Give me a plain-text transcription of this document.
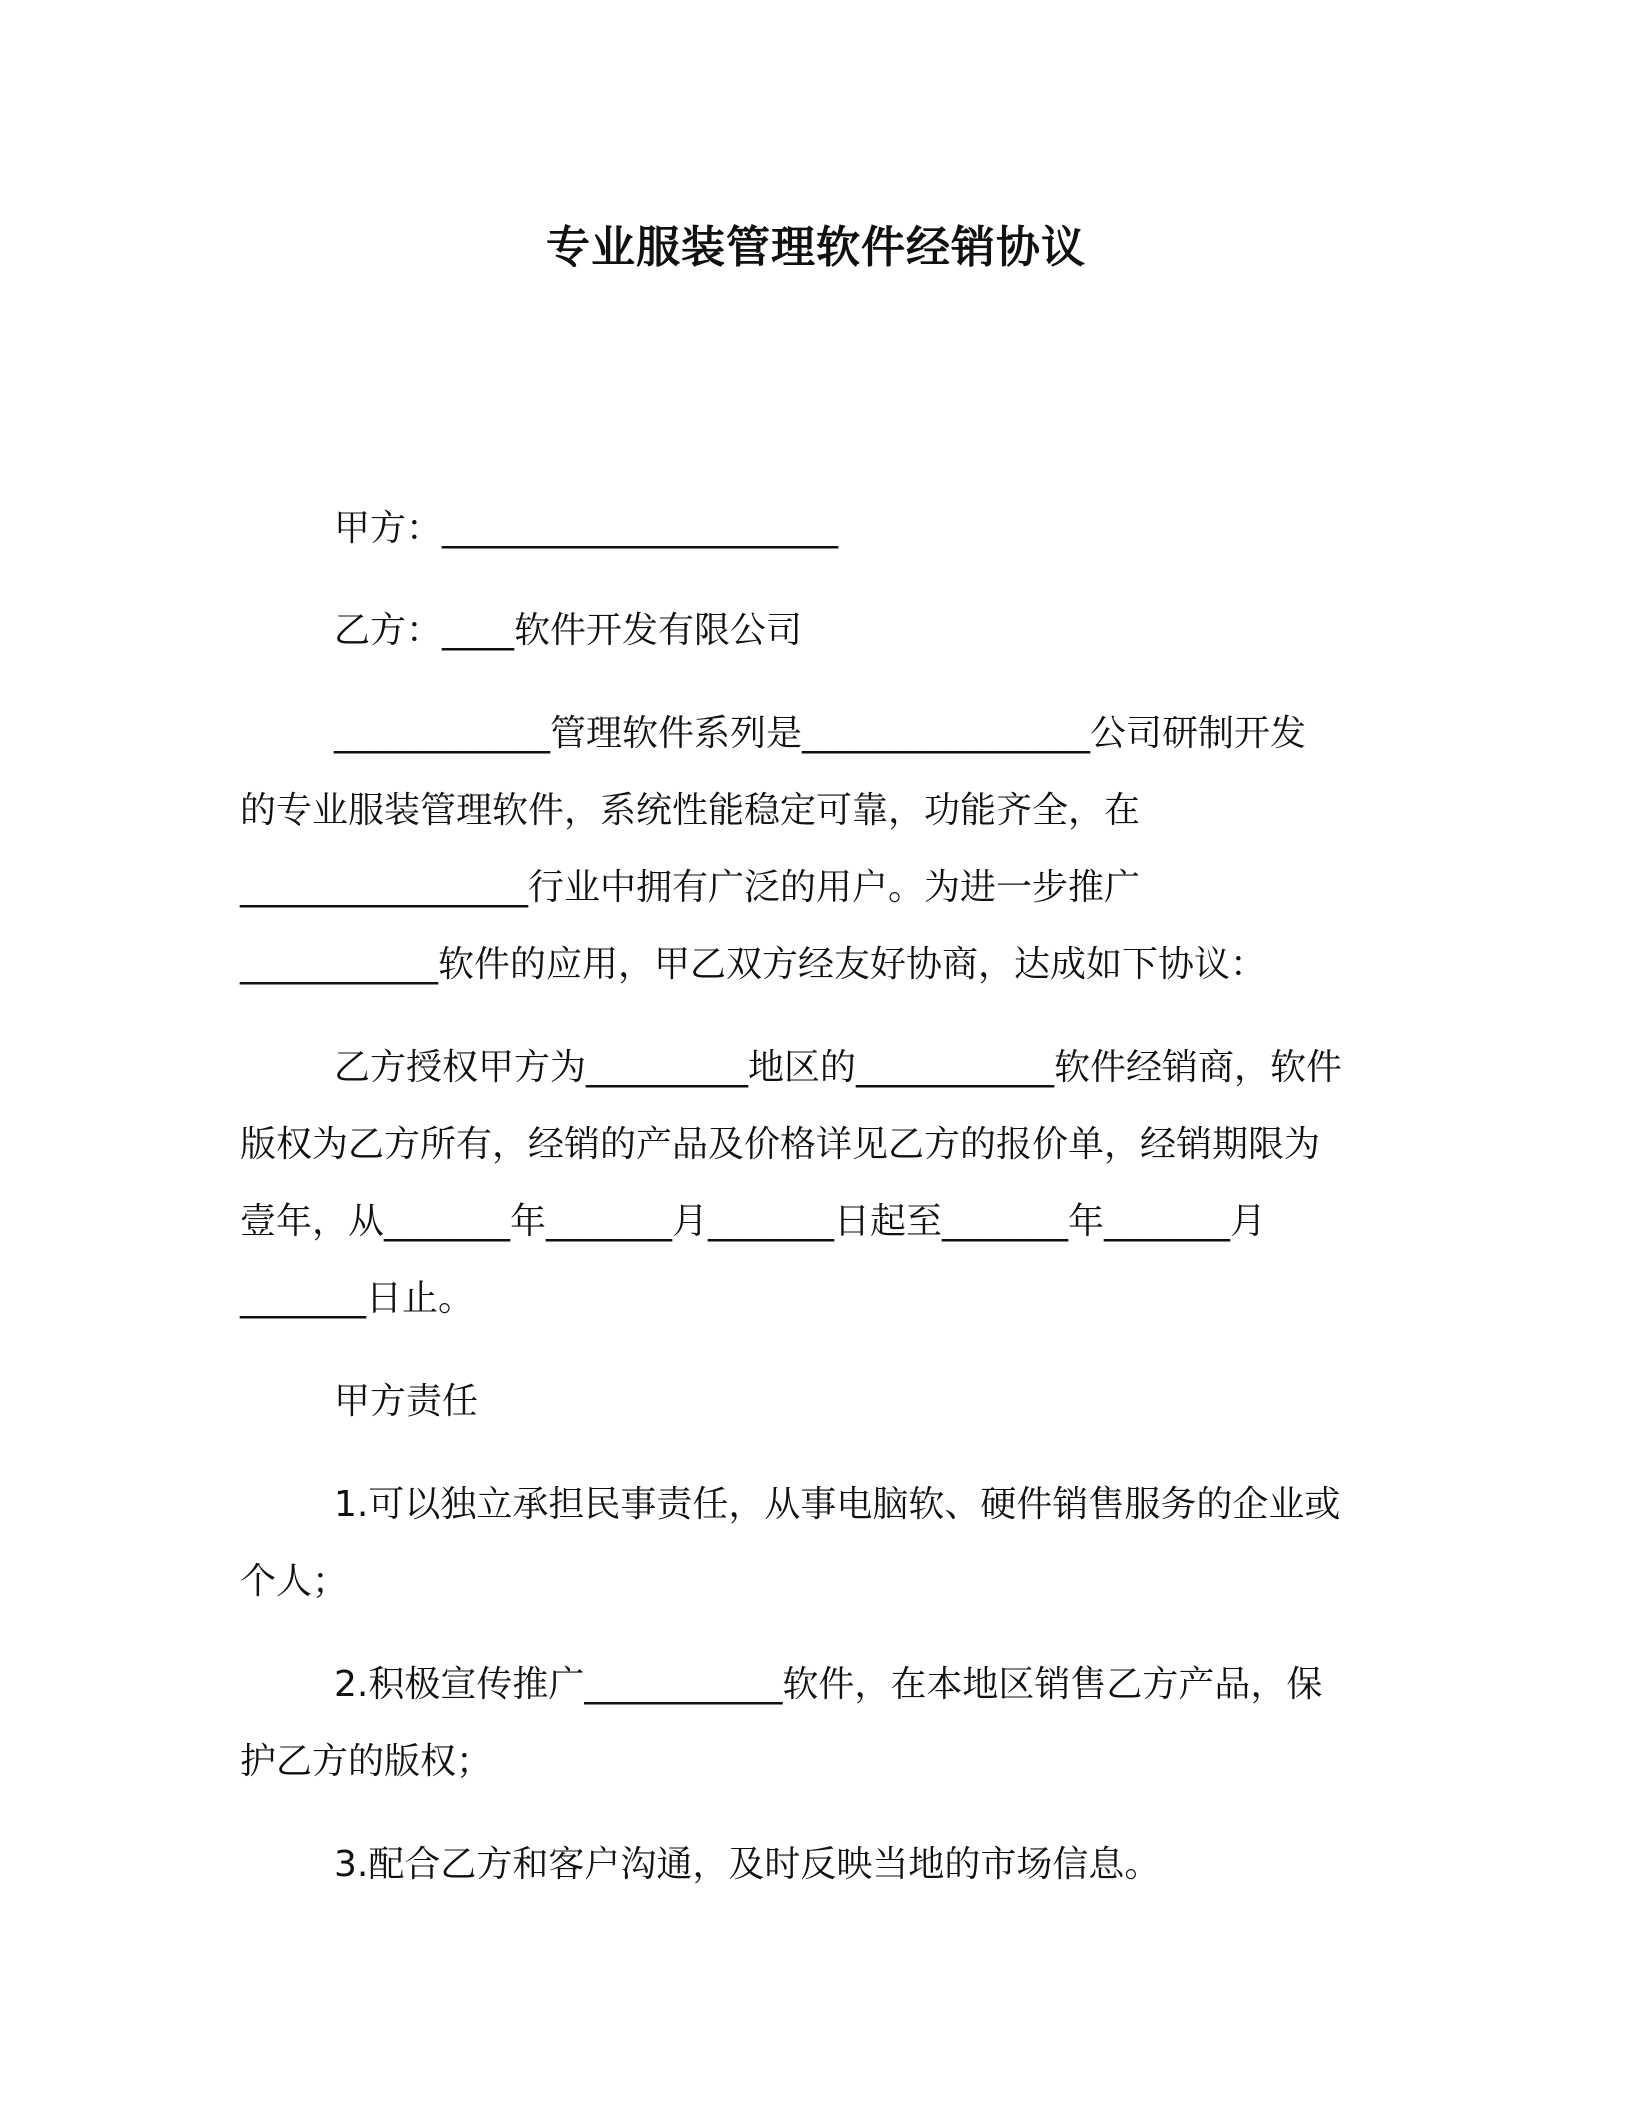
专业服装管理软件经销协议
甲方：______________________
乙方：____软件开发有限公司
____________管理软件系列是________________公司研制开发
的专业服装管理软件，系统性能稳定可靠，功能齐全，在
________________行业中拥有广泛的用户。为进一步推广
___________软件的应用，甲乙双方经友好协商，达成如下协议：
乙方授权甲方为_________地区的___________软件经销商，软件
版权为乙方所有，经销的产品及价格详见乙方的报价单，经销期限为
壹年，从_______年_______月_______日起至_______年_______月
_______日止。
甲方责任
1.可以独立承担民事责任，从事电脑软、硬件销售服务的企业或
个人；
2.积极宣传推广___________软件，在本地区销售乙方产品，保
护乙方的版权；
3.配合乙方和客户沟通，及时反映当地的市场信息。
